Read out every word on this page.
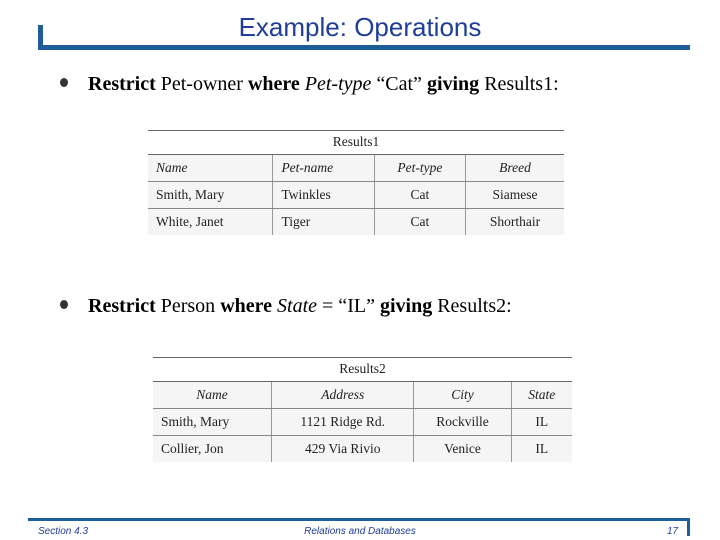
Example: Operations
Restrict
Pet-owner
where
Pet-type
“Cat”
giving
Results1:
Results1
Name	Pet-name	Pet-type	Breed
Smith, Mary	Twinkles	Cat	Siamese
White, Janet	Tiger	Cat	Shorthair
Restrict
Person
where
State
= “IL”
giving
Results2:
Results2
Name	Address	City	State
Smith, Mary	1121 Ridge Rd.	Rockville	IL
Collier, Jon	429 Via Rivio	Venice	IL
Section 4.3	Relations and Databases	17
